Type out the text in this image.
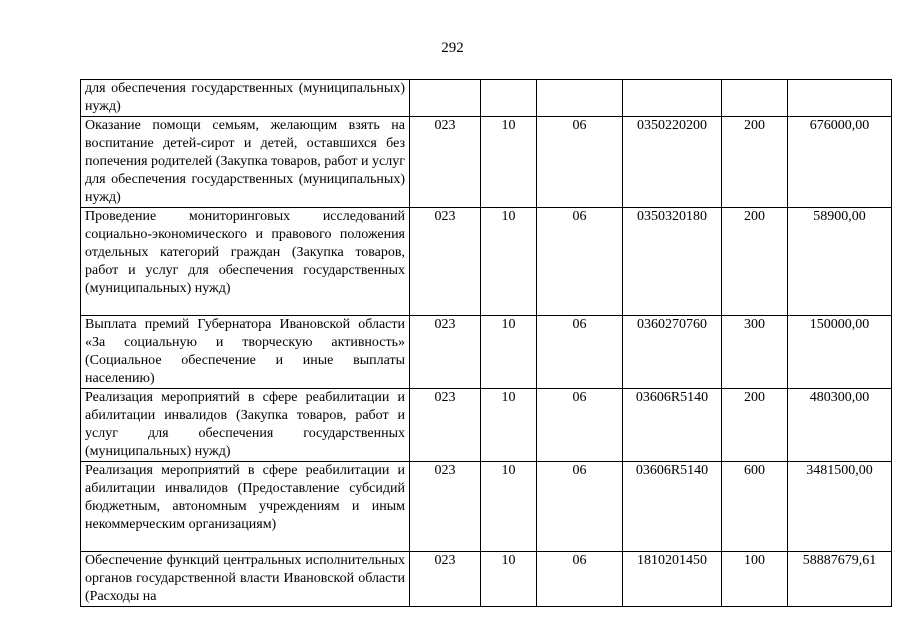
292
для обеспечения государственных (муниципальных) нужд)						
Оказание помощи семьям, желающим взять на воспитание детей-сирот и детей, оставшихся без попечения родителей (Закупка товаров, работ и услуг для обеспечения государственных (муниципальных) нужд)	023	10	06	0350220200	200	676000,00
Проведение мониторинговых исследований социально-экономического и правового положения отдельных категорий граждан (Закупка товаров, работ и услуг для обеспечения государственных (муниципальных) нужд)	023	10	06	0350320180	200	58900,00
Выплата премий Губернатора Ивановской области «За социальную и творческую активность» (Социальное обеспечение и иные выплаты населению)	023	10	06	0360270760	300	150000,00
Реализация мероприятий в сфере реабилитации и абилитации инвалидов (Закупка товаров, работ и услуг для обеспечения государственных (муниципальных) нужд)	023	10	06	03606R5140	200	480300,00
Реализация мероприятий в сфере реабилитации и абилитации инвалидов (Предоставление субсидий бюджетным, автономным учреждениям и иным некоммерческим организациям)	023	10	06	03606R5140	600	3481500,00
Обеспечение функций центральных исполнительных органов государственной власти Ивановской области (Расходы на	023	10	06	1810201450	100	58887679,61
